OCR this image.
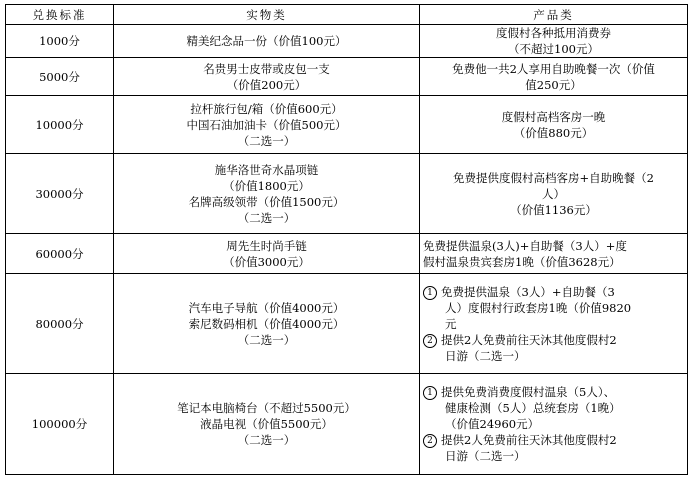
兑换标准	实物类	产品类
1000分	精美纪念品一份（价值100元）	度假村各种抵用消费券
（不超过100元）

5000分	名贵男士皮带或皮包一支
（价值200元）	免费他一共2人享用自助晚餐一次（价值
值250元）

10000分	拉杆旅行包/箱（价值600元）
中国石油加油卡（价值500元）
（二选一）	度假村高档客房一晚
（价值880元）

30000分	施华洛世奇水晶项链
（价值1800元）
名牌高级领带（价值1500元）
（二选一）	免费提供度假村高档客房+自助晚餐（2
人）
（价值1136元）

60000分	周先生时尚手链
（价值3000元）	免费提供温泉(3人)+自助餐（3人）+度
假村温泉贵宾套房1晚（价值3628元）

80000分	汽车电子导航（价值4000元）
索尼数码相机（价值4000元）
（二选一）	1 免费提供温泉（3人）+自助餐（3
人）度假村行政套房1晚（价值9820
元
2 提供2人免费前往天沐其他度假村2
日游（二选一）

100000分	笔记本电脑椅台（不超过5500元）
液晶电视（价值5500元）
（二选一）	1 提供免费消费度假村温泉（5人）、
健康检测（5人）总统套房（1晚）
（价值24960元）
2 提供2人免费前往天沐其他度假村2
日游（二选一）
